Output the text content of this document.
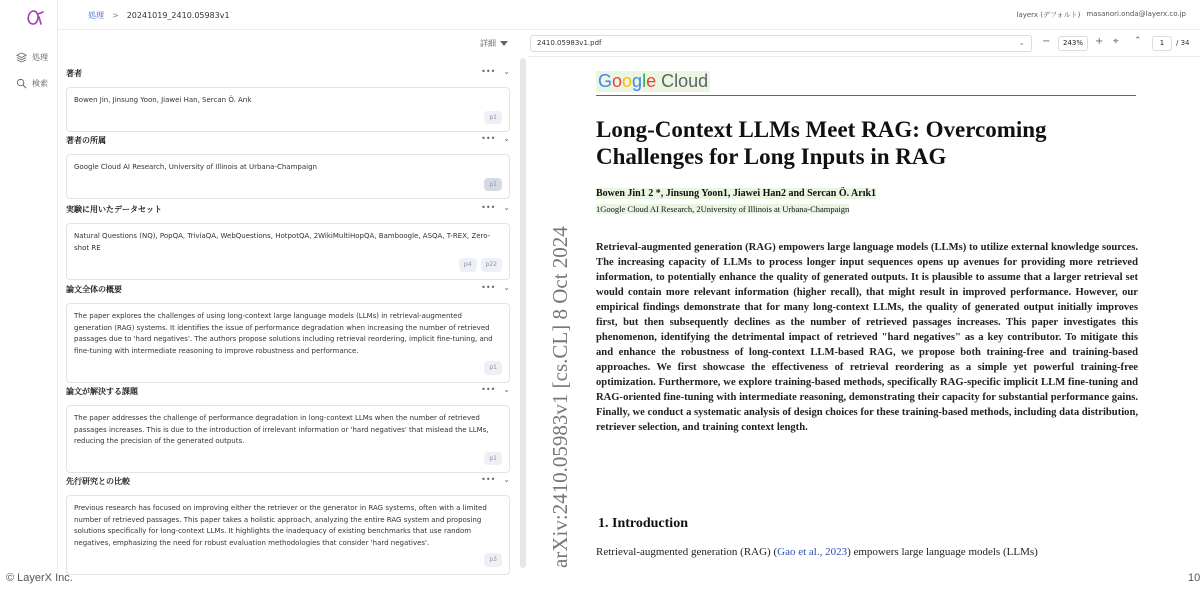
処理
検索
処理 > 20241019_2410.05983v1	layerx (デフォルト) masanori.onda@layerx.co.jp
詳細
著者	••• ⌄
Bowen Jin, Jinsung Yoon, Jiawei Han, Sercan Ö. Arık
p1
著者の所属	••• ⌄
Google Cloud AI Research, University of Illinois at Urbana-Champaign
p1
実験に用いたデータセット	••• ⌄
Natural Questions (NQ), PopQA, TriviaQA, WebQuestions, HotpotQA, 2WikiMultiHopQA, Bamboogle, ASQA, T-REX, Zero-shot RE
p4	p22
論文全体の概要	••• ⌄
The paper explores the challenges of using long-context large language models (LLMs) in retrieval-augmented generation (RAG) systems. It identifies the issue of performance degradation when increasing the number of retrieved passages due to 'hard negatives'. The authors propose solutions including retrieval reordering, implicit fine-tuning, and fine-tuning with intermediate reasoning to improve robustness and performance.
p1
論文が解決する課題	••• ⌄
The paper addresses the challenge of performance degradation in long-context LLMs when the number of retrieved passages increases. This is due to the introduction of irrelevant information or 'hard negatives' that mislead the LLMs, reducing the precision of the generated outputs.
p1
先行研究との比較	••• ⌄
Previous research has focused on improving either the retriever or the generator in RAG systems, often with a limited number of retrieved passages. This paper takes a holistic approach, analyzing the entire RAG system and proposing solutions specifically for long-context LLMs. It highlights the inadequacy of existing benchmarks that use random negatives, emphasizing the need for robust evaluation methodologies that consider 'hard negatives'.
p3
2410.05983v1.pdf	⌄ −	243%	+ ⌖ ⌃	1	/ 34
arXiv:2410.05983v1 [cs.CL] 8 Oct 2024
Google Cloud
Long-Context LLMs Meet RAG: Overcoming
Challenges for Long Inputs in RAG
Bowen Jin1 2 *, Jinsung Yoon1, Jiawei Han2 and Sercan Ö. Arık1
1Google Cloud AI Research, 2University of Illinois at Urbana-Champaign
Retrieval-augmented generation (RAG) empowers large language models (LLMs) to utilize external knowledge sources. The increasing capacity of LLMs to process longer input sequences opens up avenues for providing more retrieved information, to potentially enhance the quality of generated outputs. It is plausible to assume that a larger retrieval set would contain more relevant information (higher recall), that might result in improved performance. However, our empirical findings demonstrate that for many long-context LLMs, the quality of generated output initially improves first, but then subsequently declines as the number of retrieved passages increases. This paper investigates this phenomenon, identifying the detrimental impact of retrieved "hard negatives" as a key contributor. To mitigate this and enhance the robustness of long-context LLM-based RAG, we propose both training-free and training-based approaches. We first showcase the effectiveness of retrieval reordering as a simple yet powerful training-free optimization. Furthermore, we explore training-based methods, specifically RAG-specific implicit LLM fine-tuning and RAG-oriented fine-tuning with intermediate reasoning, demonstrating their capacity for substantial performance gains. Finally, we conduct a systematic analysis of design choices for these training-based methods, including data distribution, retriever selection, and training context length.
1. Introduction
Retrieval-augmented generation (RAG) (Gao et al., 2023) empowers large language models (LLMs)
© LayerX Inc.	10
